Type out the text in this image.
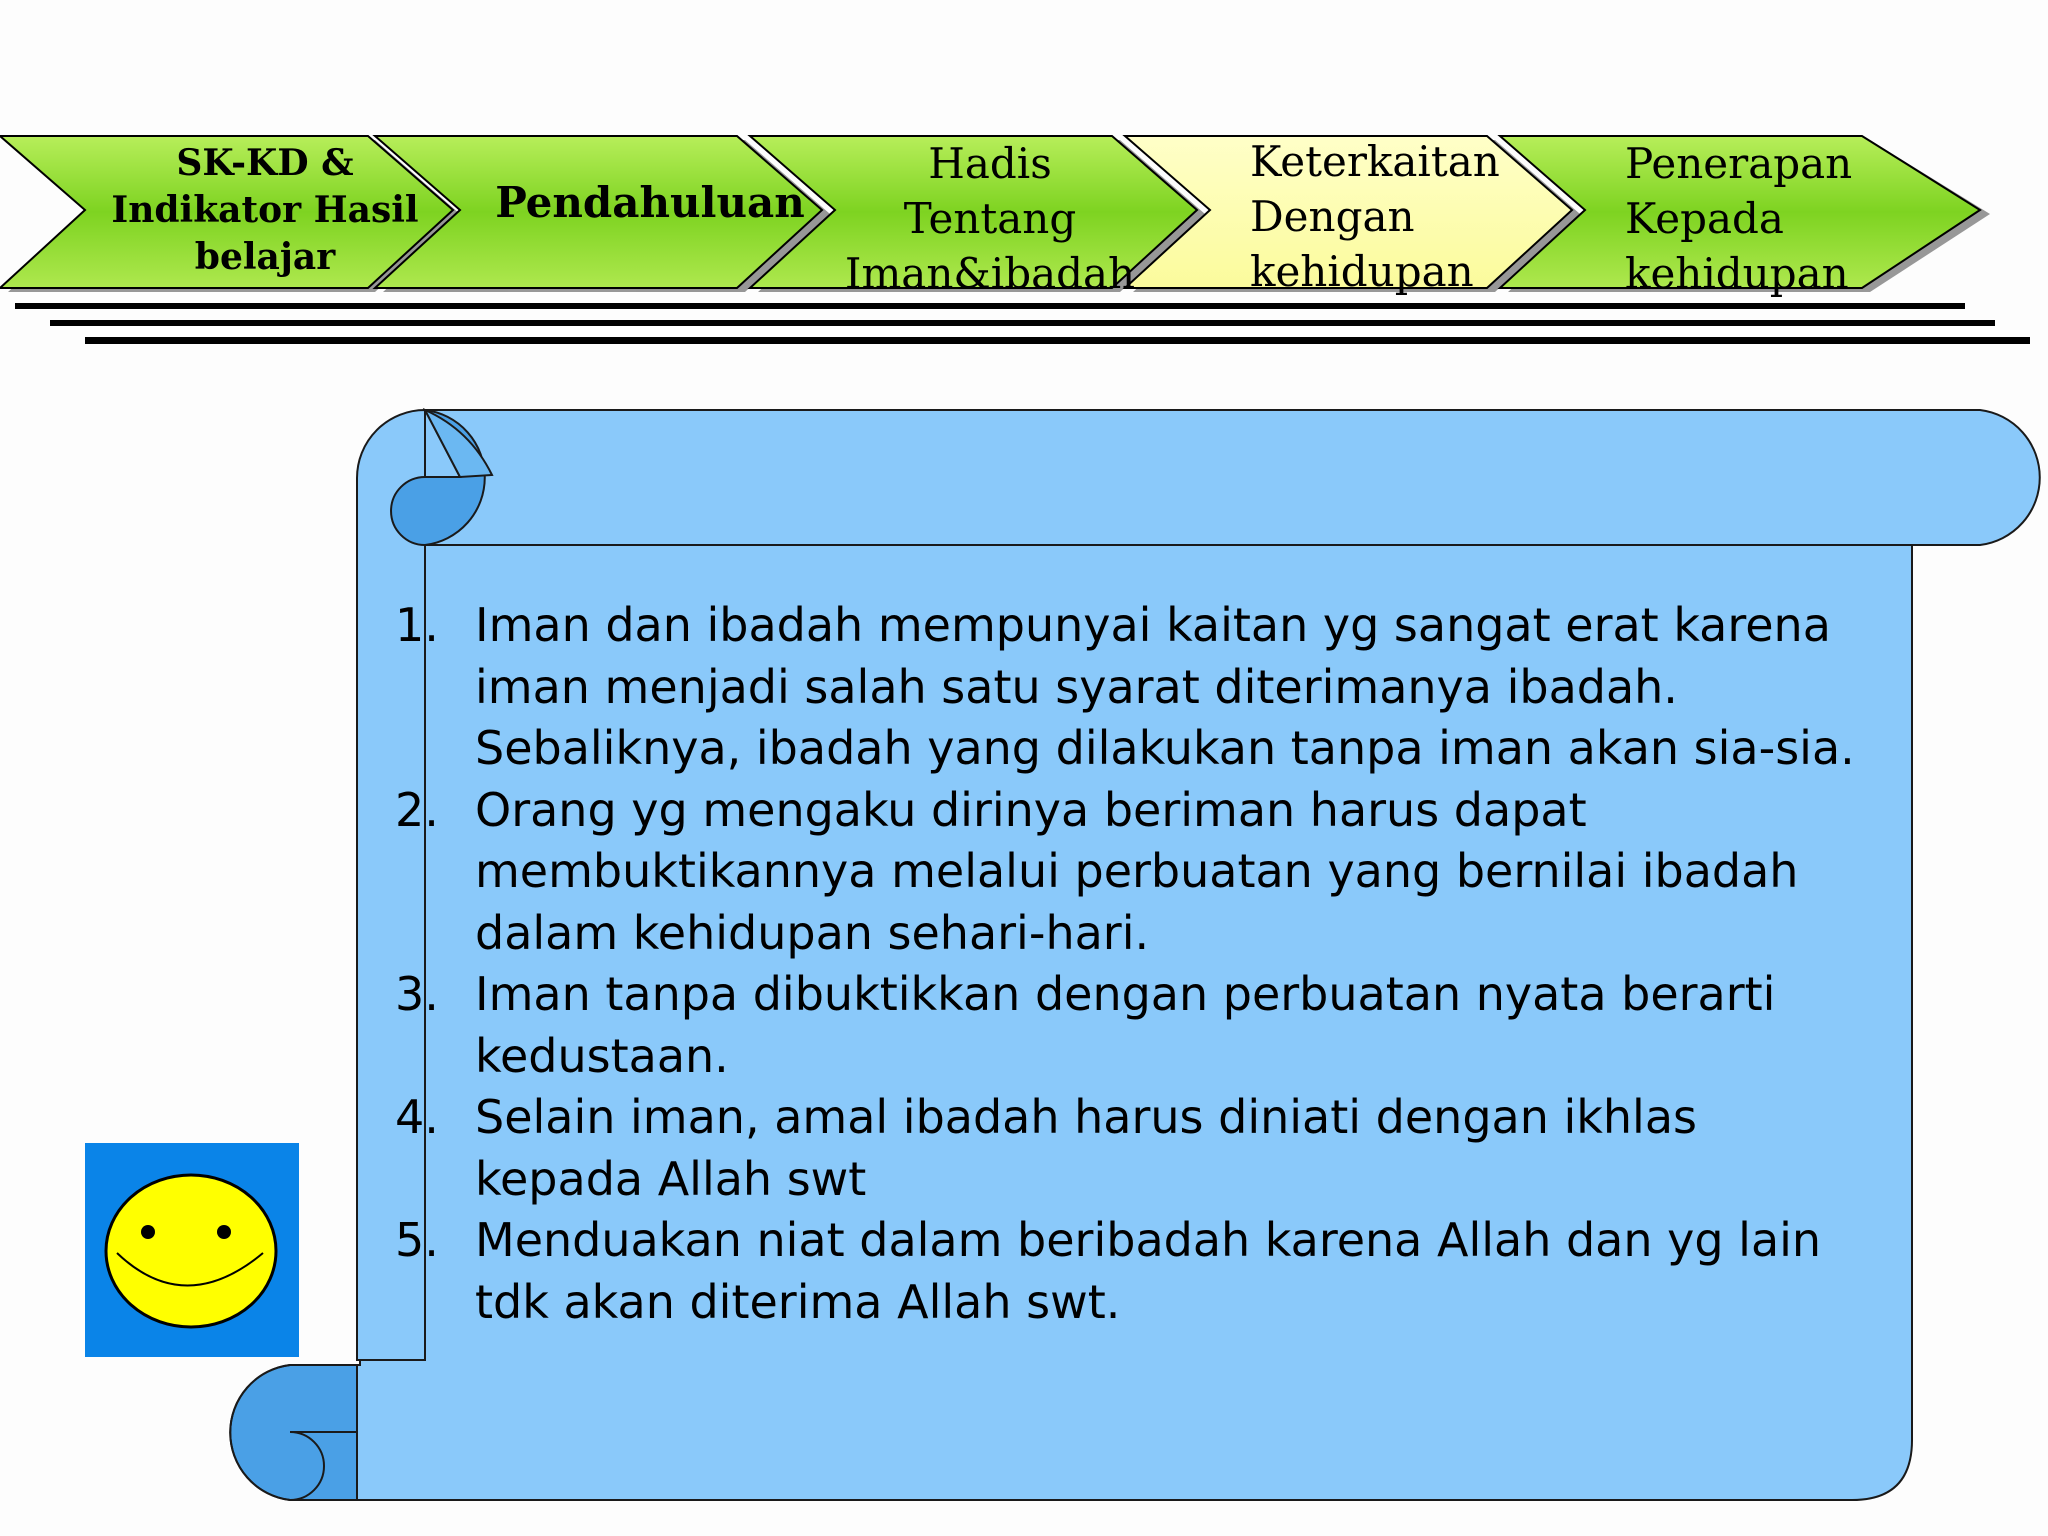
SK-KD &
Indikator Hasil
belajar
Pendahuluan
Hadis
Tentang
Iman&ibadah
Keterkaitan
Dengan
kehidupan
Penerapan
Kepada
kehidupan
1. Iman dan ibadah mempunyai kaitan yg sangat erat karena iman menjadi salah satu syarat diterimanya ibadah. Sebaliknya, ibadah yang dilakukan tanpa iman akan sia-sia.
2. Orang yg mengaku dirinya beriman harus dapat membuktikannya melalui perbuatan yang bernilai ibadah dalam kehidupan sehari-hari.
3. Iman tanpa dibuktikkan dengan perbuatan nyata berarti kedustaan.
4. Selain iman, amal ibadah harus diniati dengan ikhlas kepada Allah swt
5. Menduakan niat dalam beribadah karena Allah dan yg lain tdk akan diterima Allah swt.
